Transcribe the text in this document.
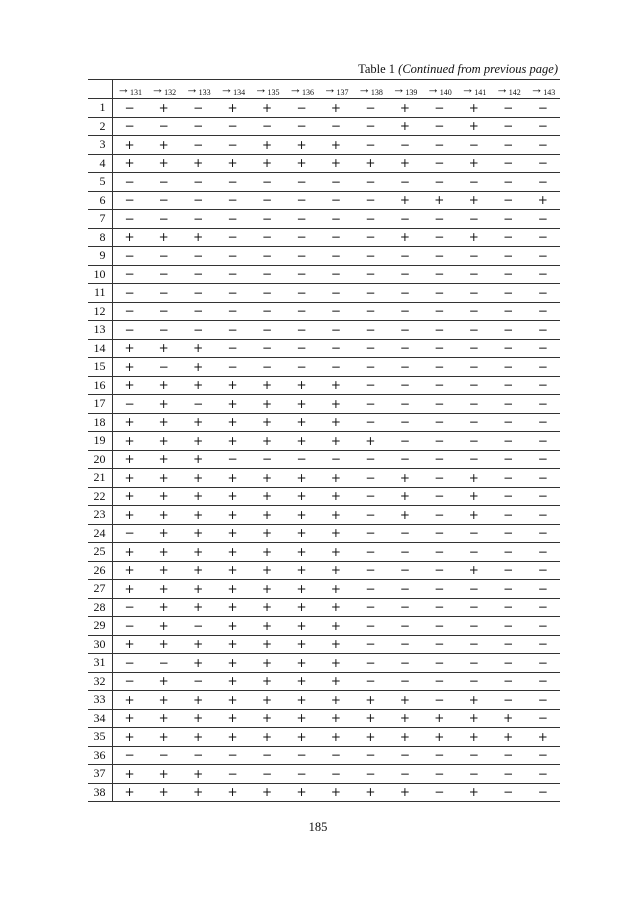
Table 1 (Continued from previous page)
	→131	→132	→133	→134	→135	→136	→137	→138	→139	→140	→141	→142	→143
1	−	+	−	+	+	−	+	−	+	−	+	−	−
2	−	−	−	−	−	−	−	−	+	−	+	−	−
3	+	+	−	−	+	+	+	−	−	−	−	−	−
4	+	+	+	+	+	+	+	+	+	−	+	−	−
5	−	−	−	−	−	−	−	−	−	−	−	−	−
6	−	−	−	−	−	−	−	−	+	+	+	−	+
7	−	−	−	−	−	−	−	−	−	−	−	−	−
8	+	+	+	−	−	−	−	−	+	−	+	−	−
9	−	−	−	−	−	−	−	−	−	−	−	−	−
10	−	−	−	−	−	−	−	−	−	−	−	−	−
11	−	−	−	−	−	−	−	−	−	−	−	−	−
12	−	−	−	−	−	−	−	−	−	−	−	−	−
13	−	−	−	−	−	−	−	−	−	−	−	−	−
14	+	+	+	−	−	−	−	−	−	−	−	−	−
15	+	−	+	−	−	−	−	−	−	−	−	−	−
16	+	+	+	+	+	+	+	−	−	−	−	−	−
17	−	+	−	+	+	+	+	−	−	−	−	−	−
18	+	+	+	+	+	+	+	−	−	−	−	−	−
19	+	+	+	+	+	+	+	+	−	−	−	−	−
20	+	+	+	−	−	−	−	−	−	−	−	−	−
21	+	+	+	+	+	+	+	−	+	−	+	−	−
22	+	+	+	+	+	+	+	−	+	−	+	−	−
23	+	+	+	+	+	+	+	−	+	−	+	−	−
24	−	+	+	+	+	+	+	−	−	−	−	−	−
25	+	+	+	+	+	+	+	−	−	−	−	−	−
26	+	+	+	+	+	+	+	−	−	−	+	−	−
27	+	+	+	+	+	+	+	−	−	−	−	−	−
28	−	+	+	+	+	+	+	−	−	−	−	−	−
29	−	+	−	+	+	+	+	−	−	−	−	−	−
30	+	+	+	+	+	+	+	−	−	−	−	−	−
31	−	−	+	+	+	+	+	−	−	−	−	−	−
32	−	+	−	+	+	+	+	−	−	−	−	−	−
33	+	+	+	+	+	+	+	+	+	−	+	−	−
34	+	+	+	+	+	+	+	+	+	+	+	+	−
35	+	+	+	+	+	+	+	+	+	+	+	+	+
36	−	−	−	−	−	−	−	−	−	−	−	−	−
37	+	+	+	−	−	−	−	−	−	−	−	−	−
38	+	+	+	+	+	+	+	+	+	−	+	−	−
185
